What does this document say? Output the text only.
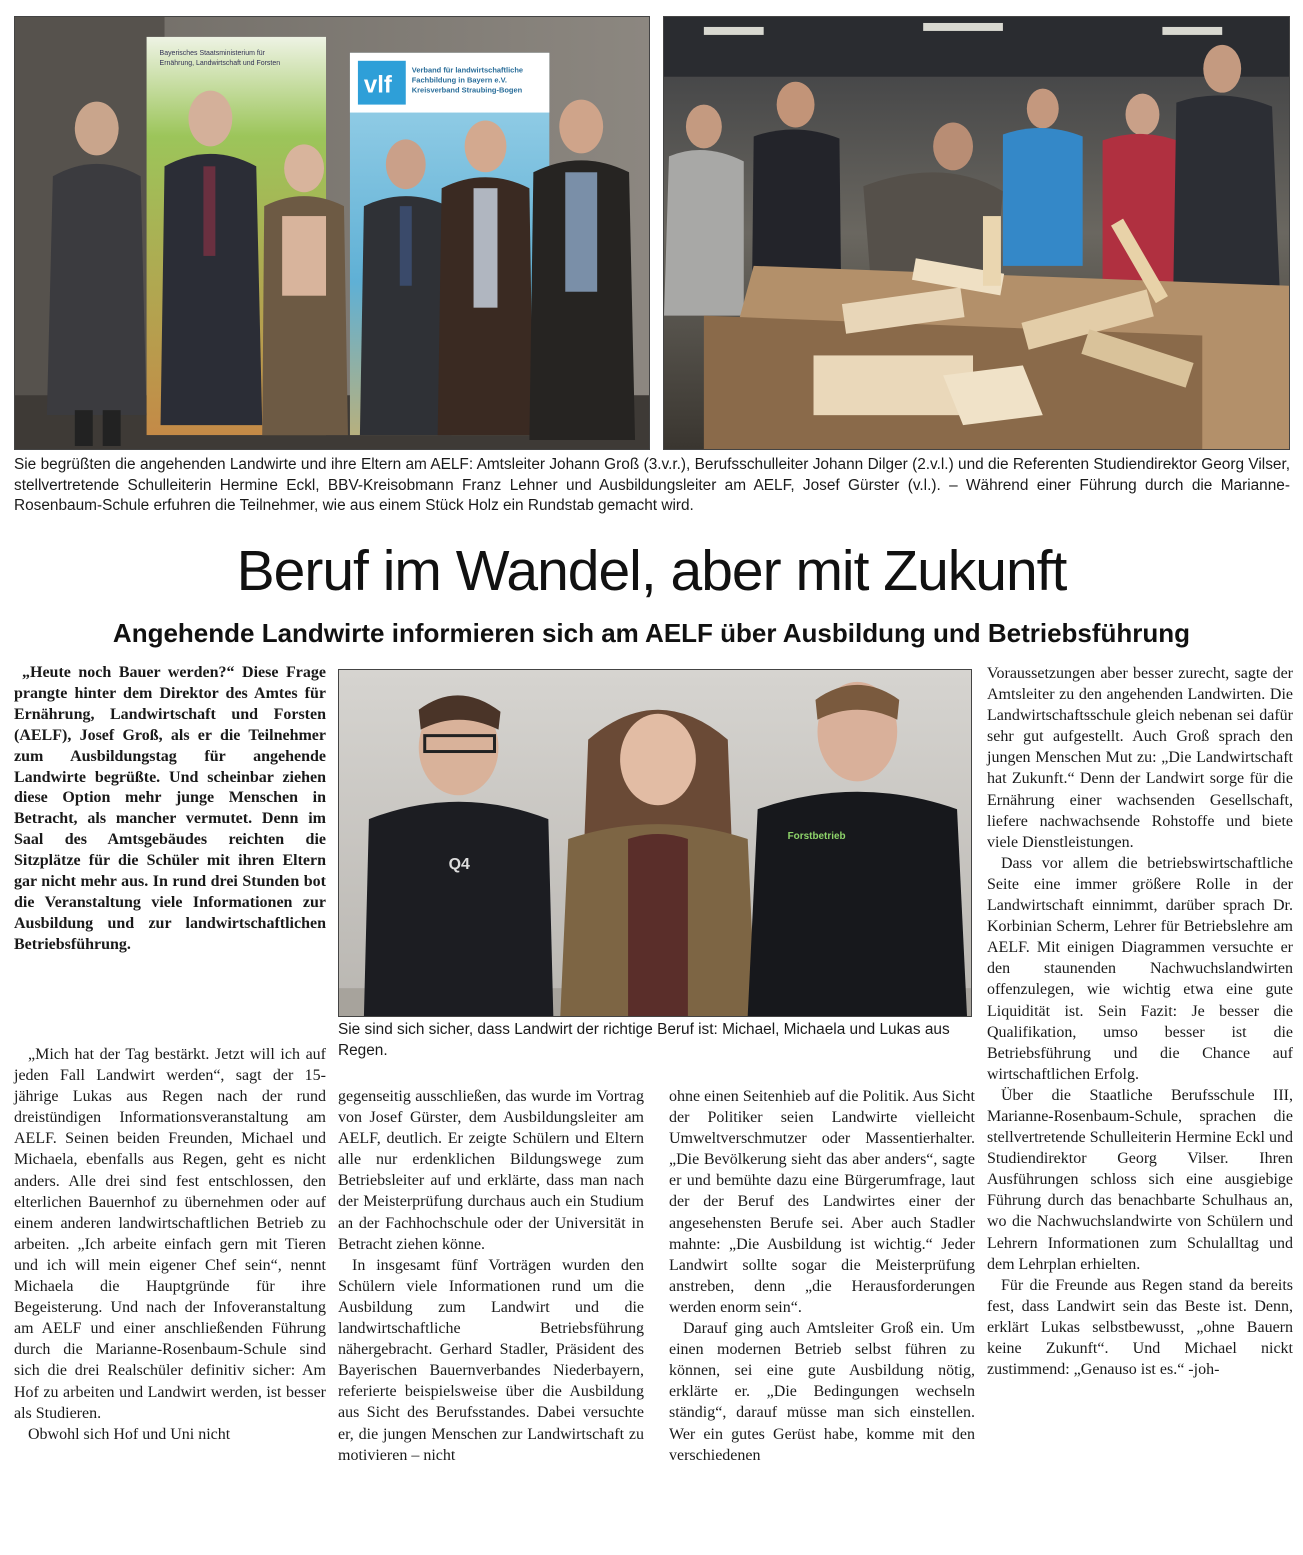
Bayerisches Staatsministerium für
Ernährung, Landwirtschaft und Forsten
vlf
Verband für landwirtschaftliche
Fachbildung in Bayern e.V.
Kreisverband Straubing-Bogen
Sie begrüßten die angehenden Landwirte und ihre Eltern am AELF: Amtsleiter Johann Groß (3.v.r.), Berufsschulleiter Johann Dilger (2.v.l.) und die Referenten Studiendirektor Georg Vilser, stellvertretende Schulleiterin Hermine Eckl, BBV-Kreisobmann Franz Lehner und Ausbildungsleiter am AELF, Josef Gürster (v.l.). – Während einer Führung durch die Marianne-Rosenbaum-Schule erfuhren die Teilnehmer, wie aus einem Stück Holz ein Rundstab gemacht wird.
Beruf im Wandel, aber mit Zukunft
Angehende Landwirte informieren sich am AELF über Ausbildung und Betriebsführung

„Heute noch Bauer werden?“ Diese Frage prangte hinter dem Direktor des Amtes für Ernährung, Landwirtschaft und Forsten (AELF), Josef Groß, als er die Teilnehmer zum Ausbildungstag für angehende Landwirte begrüßte. Und scheinbar ziehen diese Option mehr junge Menschen in Betracht, als mancher vermutet. Denn im Saal des Amtsgebäudes reichten die Sitzplätze für die Schüler mit ihren Eltern gar nicht mehr aus. In rund drei Stunden bot die Veranstaltung viele Informationen zur Ausbildung und zur landwirtschaftlichen Betriebsführung.

„Mich hat der Tag bestärkt. Jetzt will ich auf jeden Fall Landwirt werden“, sagt der 15-jährige Lukas aus Regen nach der rund dreistündigen Informationsveranstaltung am AELF. Seinen beiden Freunden, Michael und Michaela, ebenfalls aus Regen, geht es nicht anders. Alle drei sind fest entschlossen, den elterlichen Bauernhof zu übernehmen oder auf einem anderen landwirtschaftlichen Betrieb zu arbeiten. „Ich arbeite einfach gern mit Tieren und ich will mein eigener Chef sein“, nennt Michaela die Hauptgründe für ihre Begeisterung. Und nach der Infoveranstaltung am AELF und einer anschließenden Führung durch die Marianne-Rosenbaum-Schule sind sich die drei Realschüler definitiv sicher: Am Hof zu arbeiten und Landwirt werden, ist besser als Studieren.

Obwohl sich Hof und Uni nicht

Q4
Forstbetrieb
Sie sind sich sicher, dass Landwirt der richtige Beruf ist: Michael, Michaela und Lukas aus Regen.

gegenseitig ausschließen, das wurde im Vortrag von Josef Gürster, dem Ausbildungsleiter am AELF, deutlich. Er zeigte Schülern und Eltern alle nur erdenklichen Bildungswege zum Betriebsleiter auf und erklärte, dass man nach der Meisterprüfung durchaus auch ein Studium an der Fachhochschule oder der Universität in Betracht ziehen könne.

In insgesamt fünf Vorträgen wurden den Schülern viele Informationen rund um die Ausbildung zum Landwirt und die landwirtschaftliche Betriebsführung nähergebracht. Gerhard Stadler, Präsident des Bayerischen Bauernverbandes Niederbayern, referierte beispielsweise über die Ausbildung aus Sicht des Berufsstandes. Dabei versuchte er, die jungen Menschen zur Landwirtschaft zu motivieren – nicht

ohne einen Seitenhieb auf die Politik. Aus Sicht der Politiker seien Landwirte vielleicht Umweltverschmutzer oder Massentierhalter. „Die Bevölkerung sieht das aber anders“, sagte er und bemühte dazu eine Bürgerumfrage, laut der der Beruf des Landwirtes einer der angesehensten Berufe sei. Aber auch Stadler mahnte: „Die Ausbildung ist wichtig.“ Jeder Landwirt sollte sogar die Meisterprüfung anstreben, denn „die Herausforderungen werden enorm sein“.

Darauf ging auch Amtsleiter Groß ein. Um einen modernen Betrieb selbst führen zu können, sei eine gute Ausbildung nötig, erklärte er. „Die Bedingungen wechseln ständig“, darauf müsse man sich einstellen. Wer ein gutes Gerüst habe, komme mit den verschiedenen

Voraussetzungen aber besser zurecht, sagte der Amtsleiter zu den angehenden Landwirten. Die Landwirtschaftsschule gleich nebenan sei dafür sehr gut aufgestellt. Auch Groß sprach den jungen Menschen Mut zu: „Die Landwirtschaft hat Zukunft.“ Denn der Landwirt sorge für die Ernährung einer wachsenden Gesellschaft, liefere nachwachsende Rohstoffe und biete viele Dienstleistungen.

Dass vor allem die betriebswirtschaftliche Seite eine immer größere Rolle in der Landwirtschaft einnimmt, darüber sprach Dr. Korbinian Scherm, Lehrer für Betriebslehre am AELF. Mit einigen Diagrammen versuchte er den staunenden Nachwuchslandwirten offenzulegen, wie wichtig etwa eine gute Liquidität ist. Sein Fazit: Je besser die Qualifikation, umso besser ist die Betriebsführung und die Chance auf wirtschaftlichen Erfolg.

Über die Staatliche Berufsschule III, Marianne-Rosenbaum-Schule, sprachen die stellvertretende Schulleiterin Hermine Eckl und Studiendirektor Georg Vilser. Ihren Ausführungen schloss sich eine ausgiebige Führung durch das benachbarte Schulhaus an, wo die Nachwuchslandwirte von Schülern und Lehrern Informationen zum Schulalltag und dem Lehrplan erhielten.

Für die Freunde aus Regen stand da bereits fest, dass Landwirt sein das Beste ist. Denn, erklärt Lukas selbstbewusst, „ohne Bauern keine Zukunft“. Und Michael nickt zustimmend: „Genauso ist es.“ -joh-
